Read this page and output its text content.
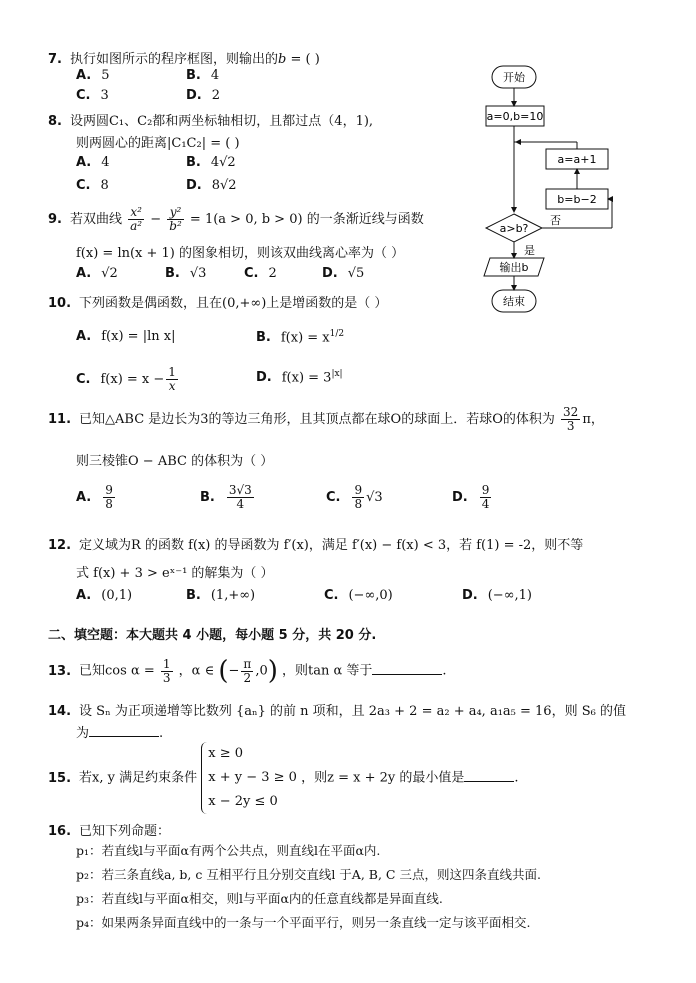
7. 执行如图所示的程序框图，则输出的b = ( )
A. 5	B. 4
C. 3	D. 2
8. 设两圆C₁、C₂都和两坐标轴相切，且都过点（4，1),
则两圆心的距离|C₁C₂| = ( )
A. 4	B. 4√2
C. 8	D. 8√2
9. 若双曲线 $\frac{\text{x²}}{\text{a²}} - \frac{\text{y²}}{\text{b²}} = 1(a > 0$, b > 0) 的一条渐近线与函数
f(x) = ln(x + 1) 的图象相切，则该双曲线离心率为（ ）
A. √2	B. √3	C. 2	D. √5
10. 下列函数是偶函数，且在(0,+∞)上是增函数的是（ ）
A. f(x) = |ln x|	B. $f(x) = x^{1/2}$
C. $f(x) = x - \frac{1}{x}$	D. $f(x) = 3^{|x|}$
11. 已知△ABC 是边长为3的等边三角形，且其顶点都在球O的球面上．若球O的体积为 $\frac{32}{3}$ π，
则三棱锥O − ABC 的体积为（ ）
A. $\frac{9}{8}$	B. $\frac{3√3}{4}$	C. $\frac{9}{8} √3$	D. $\frac{9}{4}$
12. 定义域为R 的函数 f(x) 的导函数为 f′(x)，满足 f′(x) − f(x) < 3，若 f(1) = -2，则不等
式 f(x) + 3 > eˣ⁻¹ 的解集为（ ）
A. (0,1)	B. (1,+∞)	C. (−∞,0)	D. (−∞,1)
二、填空题：本大题共 4 小题，每小题 5 分，共 20 分.
13. 已知$\cos \alpha = \frac{1}{3}$ ，α ∈ (− $\frac{\pi}{2} ,0$) ，则tan α 等于	.
14. 设 Sₙ 为正项递增等比数列 {aₙ} 的前 n 项和，且 2a₃ + 2 = a₂ + a₄, a₁a₅ = 16，则 S₆ 的值
为	.
15. 若x, y 满足约束条件
x ≥ 0
x + y − 3 ≥ 0
x − 2y ≤ 0
，则z = x + 2y 的最小值是	.
16. 已知下列命题：
p₁：若直线l与平面α有两个公共点，则直线l在平面α内.
p₂：若三条直线a, b, c 互相平行且分别交直线l 于A, B, C 三点，则这四条直线共面.
p₃：若直线l与平面α相交，则l与平面α内的任意直线都是异面直线.
p₄：如果两条异面直线中的一条与一个平面平行，则另一条直线一定与该平面相交.
开始
a=0,b=10
a=a+1
b=b−2
a>b?
否
是
输出b
结束
